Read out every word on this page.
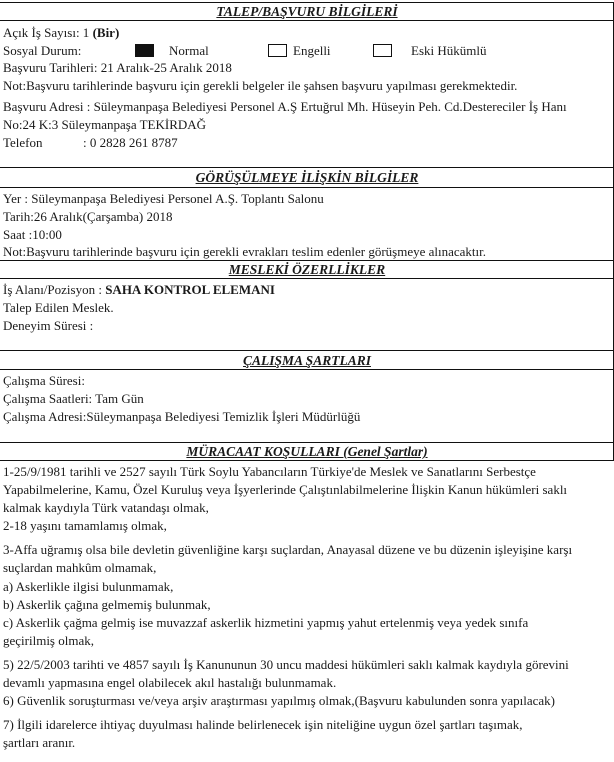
TALEP/BAŞVURU BİLGİLERİ
Açık İş Sayısı: 1 (Bir)
Sosyal Durum:	Normal	Engelli	Eski Hükümlü
Başvuru Tarihleri: 21 Aralık-25 Aralık 2018
Not:Başvuru tarihlerinde başvuru için gerekli belgeler ile şahsen başvuru yapılması gerekmektedir.
Başvuru Adresi : Süleymanpaşa Belediyesi Personel A.Ş Ertuğrul Mh. Hüseyin Peh. Cd.Destereciler İş Hanı
No:24 K:3 Süleymanpaşa TEKİRDAĞ
Telefon	: 0 2828 261 8787
GÖRÜŞÜLMEYE İLİŞKİN BİLGİLER
Yer : Süleymanpaşa Belediyesi Personel A.Ş. Toplantı Salonu
Tarih:26 Aralık(Çarşamba) 2018
Saat :10:00
Not:Başvuru tarihlerinde başvuru için gerekli evrakları teslim edenler görüşmeye alınacaktır.
MESLEKİ ÖZERLLİKLER
İş Alanı/Pozisyon : SAHA KONTROL ELEMANI
Talep Edilen Meslek.
Deneyim Süresi :
ÇALIŞMA ŞARTLARI
Çalışma Süresi:
Çalışma Saatleri: Tam Gün
Çalışma Adresi:Süleymanpaşa Belediyesi Temizlik İşleri Müdürlüğü
MÜRACAAT KOŞULLARI (Genel Şartlar)
1-25/9/1981 tarihli ve 2527 sayılı Türk Soylu Yabancıların Türkiye'de Meslek ve Sanatlarını Serbestçe
Yapabilmelerine, Kamu, Özel Kuruluş veya İşyerlerinde Çalıştınlabilmelerine İlişkin Kanun hükümleri saklı
kalmak kaydıyla Türk vatandaşı olmak,
2-18 yaşını tamamlamış olmak,
3-Affa uğramış olsa bile devletin güvenliğine karşı suçlardan, Anayasal düzene ve bu düzenin işleyişine karşı
suçlardan mahkûm olmamak,
a) Askerlikle ilgisi bulunmamak,
b) Askerlik çağına gelmemiş bulunmak,
c) Askerlik çağma gelmiş ise muvazzaf askerlik hizmetini yapmış yahut ertelenmiş veya yedek sınıfa
geçirilmiş olmak,
5) 22/5/2003 tarihti ve 4857 sayılı İş Kanununun 30 uncu maddesi hükümleri saklı kalmak kaydıyla görevini
devamlı yapmasına engel olabilecek akıl hastalığı bulunmamak.
6) Güvenlik soruşturması ve/veya arşiv araştırması yapılmış olmak,(Başvuru kabulunden sonra yapılacak)
7) İlgili idarelerce ihtiyaç duyulması halinde belirlenecek işin niteliğine uygun özel şartları taşımak,
şartları aranır.
